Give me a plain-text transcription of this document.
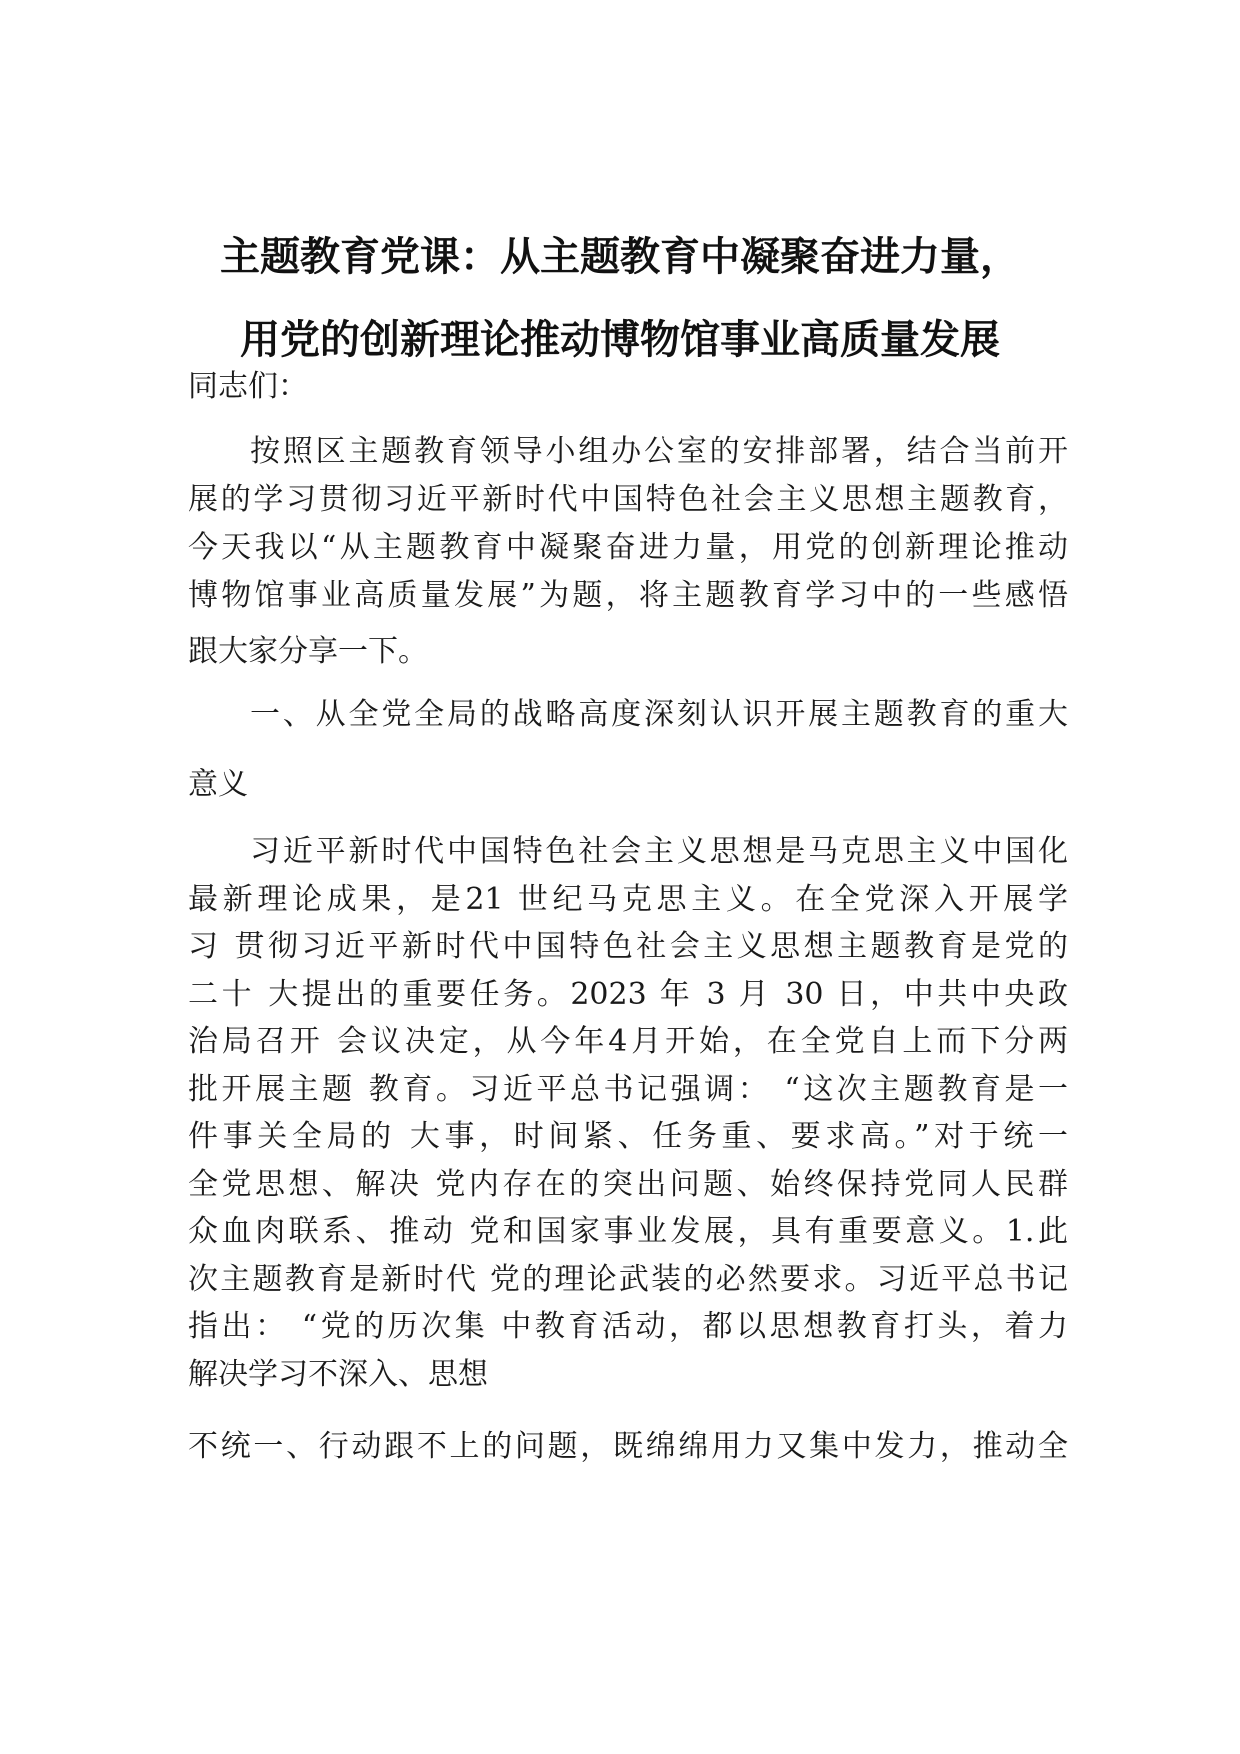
主题教育党课：从主题教育中凝聚奋进力量，
用党的创新理论推动博物馆事业高质量发展
同志们：
按照区主题教育领导小组办公室的安排部署，结合当前开
展的学习贯彻习近平新时代中国特色社会主义思想主题教育，
今天我以“从主题教育中凝聚奋进力量，用党的创新理论推动
博物馆事业高质量发展”为题，将主题教育学习中的一些感悟
跟大家分享一下。
一、从全党全局的战略高度深刻认识开展主题教育的重大
意义
习近平新时代中国特色社会主义思想是马克思主义中国化
最新理论成果，是21 世纪马克思主义。在全党深入开展学
习 贯彻习近平新时代中国特色社会主义思想主题教育是党的
二十 大提出的重要任务。2023 年 3 月 30 日，中共中央政
治局召开 会议决定，从今年4月开始，在全党自上而下分两
批开展主题 教育。习近平总书记强调： “这次主题教育是一
件事关全局的 大事，时间紧、任务重、要求高。”对于统一
全党思想、解决 党内存在的突出问题、始终保持党同人民群
众血肉联系、推动 党和国家事业发展，具有重要意义。1.此
次主题教育是新时代 党的理论武装的必然要求。习近平总书记
指出： “党的历次集 中教育活动，都以思想教育打头，着力
解决学习不深入、思想
不统一、行动跟不上的问题，既绵绵用力又集中发力，推动全
